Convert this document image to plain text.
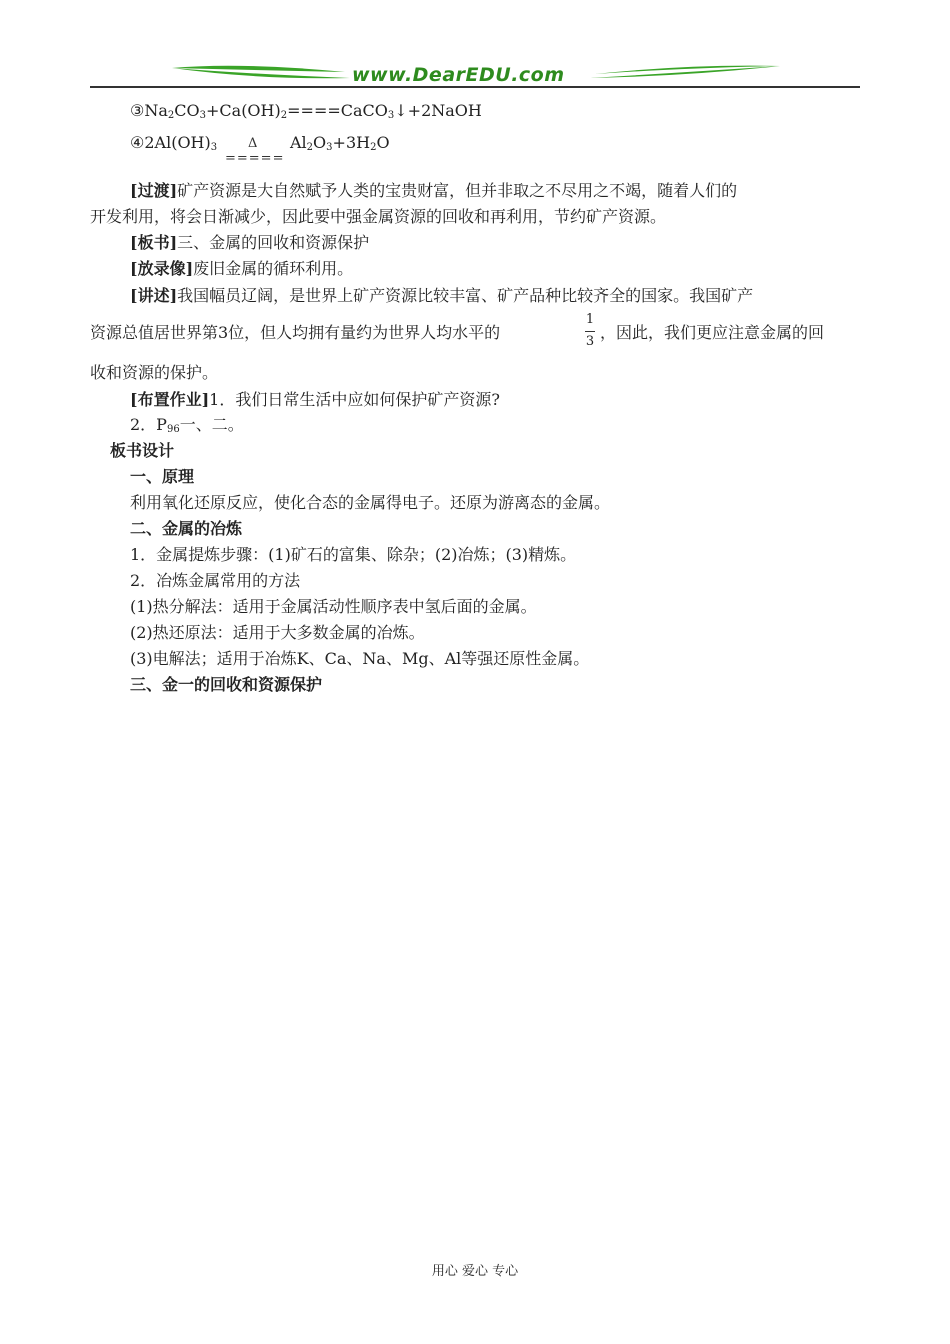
www.DearEDU.com
$③Na_2CO_3+Ca(OH)_2====CaCO_3↓+2NaOH$
$④2Al(OH)_3$ Δ
=====
$Al_2O_3+3H_2O$
[过渡]矿产资源是大自然赋予人类的宝贵财富，但并非取之不尽用之不竭，随着人们的
开发利用，将会日渐减少，因此要中强金属资源的回收和再利用，节约矿产资源。
[板书]三、金属的回收和资源保护
[放录像]废旧金属的循环利用。
[讲述]我国幅员辽阔，是世界上矿产资源比较丰富、矿产品种比较齐全的国家。我国矿产
资源总值居世界第3位，但人均拥有量约为世界人均水平的
1
3 ，因此，我们更应注意金属的回
收和资源的保护。
[布置作业]1．我们日常生活中应如何保护矿产资源?
2．$P_{96}$一、二。
板书设计
一、原理
利用氧化还原反应，使化合态的金属得电子。还原为游离态的金属。
二、金属的冶炼
1．金属提炼步骤：(1)矿石的富集、除杂；(2)冶炼；(3)精炼。
2．冶炼金属常用的方法
(1)热分解法：适用于金属活动性顺序表中氢后面的金属。
(2)热还原法：适用于大多数金属的冶炼。
(3)电解法；适用于冶炼K、Ca、Na、Mg、Al等强还原性金属。
三、金一的回收和资源保护
用心 爱心 专心
